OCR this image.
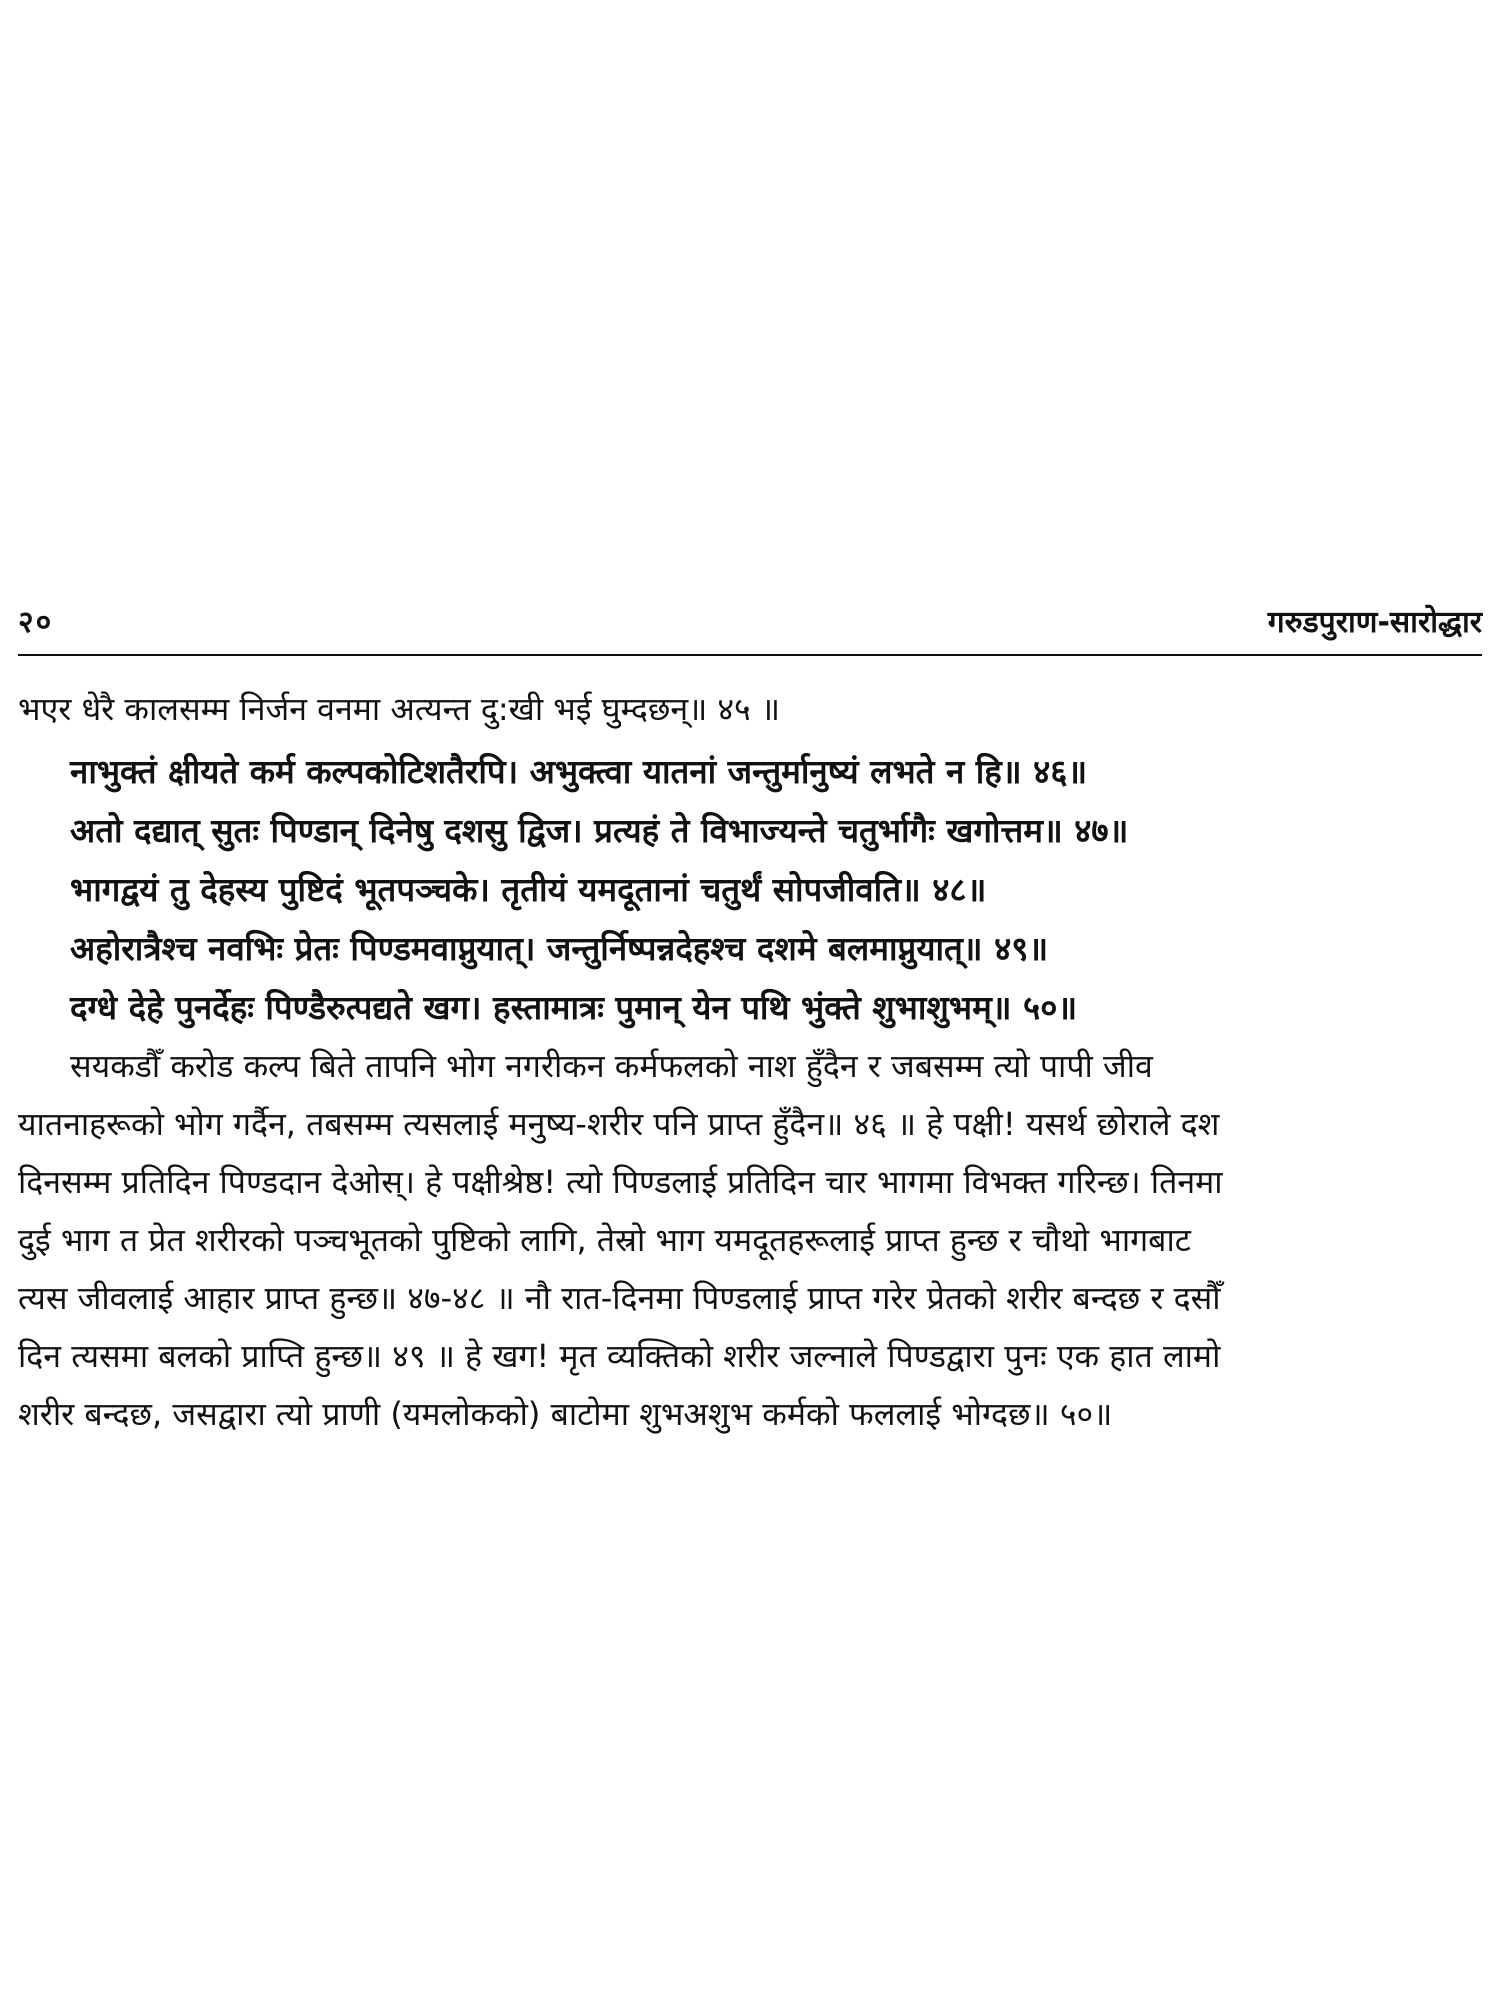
२०	गरुडपुराण-सारोद्धार
भएर धेरै कालसम्म निर्जन वनमा अत्यन्त दु:खी भई घुम्दछन्॥ ४५ ॥
नाभुक्तं क्षीयते कर्म कल्पकोटिशतैरपि। अभुक्त्वा यातनां जन्तुर्मानुष्यं लभते न हि॥ ४६॥
अतो दद्यात् सुतः पिण्डान् दिनेषु दशसु द्विज। प्रत्यहं ते विभाज्यन्ते चतुर्भागैः खगोत्तम॥ ४७॥
भागद्वयं तु देहस्य पुष्टिदं भूतपञ्चके। तृतीयं यमदूतानां चतुर्थं सोपजीवति॥ ४८॥
अहोरात्रैश्च नवभिः प्रेतः पिण्डमवाप्नुयात्। जन्तुर्निष्पन्नदेहश्च दशमे बलमाप्नुयात्॥ ४९॥
दग्धे देहे पुनर्देहः पिण्डैरुत्पद्यते खग। हस्तामात्रः पुमान् येन पथि भुंक्ते शुभाशुभम्॥ ५०॥
सयकडौँ करोड कल्प बिते तापनि भोग नगरीकन कर्मफलको नाश हुँदैन र जबसम्म त्यो पापी जीव
यातनाहरूको भोग गर्दैन, तबसम्म त्यसलाई मनुष्य-शरीर पनि प्राप्त हुँदैन॥ ४६ ॥ हे पक्षी! यसर्थ छोराले दश
दिनसम्म प्रतिदिन पिण्डदान देओस्। हे पक्षीश्रेष्ठ! त्यो पिण्डलाई प्रतिदिन चार भागमा विभक्त गरिन्छ। तिनमा
दुई भाग त प्रेत शरीरको पञ्चभूतको पुष्टिको लागि, तेस्रो भाग यमदूतहरूलाई प्राप्त हुन्छ र चौथो भागबाट
त्यस जीवलाई आहार प्राप्त हुन्छ॥ ४७-४८ ॥ नौ रात-दिनमा पिण्डलाई प्राप्त गरेर प्रेतको शरीर बन्दछ र दसौँ
दिन त्यसमा बलको प्राप्ति हुन्छ॥ ४९ ॥ हे खग! मृत व्यक्तिको शरीर जल्नाले पिण्डद्वारा पुनः एक हात लामो
शरीर बन्दछ, जसद्वारा त्यो प्राणी (यमलोकको) बाटोमा शुभअशुभ कर्मको फललाई भोग्दछ॥ ५०॥
